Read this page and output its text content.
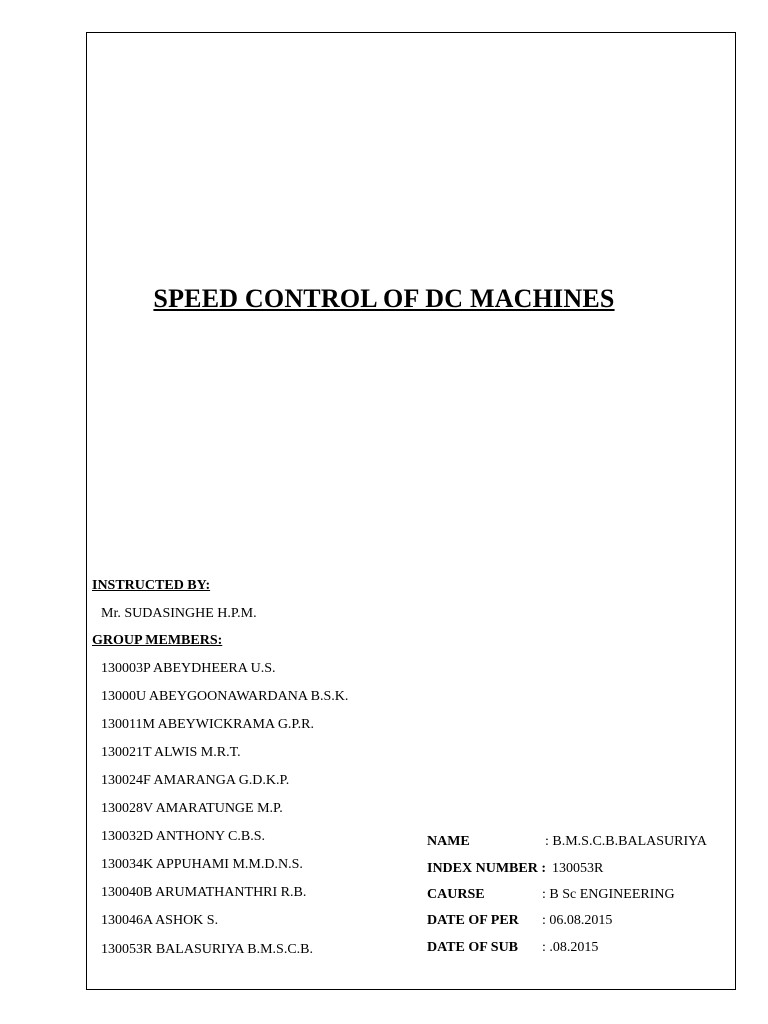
SPEED CONTROL OF DC MACHINES
INSTRUCTED BY:
Mr. SUDASINGHE H.P.M.
GROUP MEMBERS:
130003P ABEYDHEERA U.S.
13000U ABEYGOONAWARDANA B.S.K.
130011M ABEYWICKRAMA G.P.R.
130021T ALWIS M.R.T.
130024F AMARANGA G.D.K.P.
130028V AMARATUNGE M.P.
130032D ANTHONY C.B.S.
130034K APPUHAMI M.M.D.N.S.
130040B ARUMATHANTHRI R.B.
130046A ASHOK S.
130053R BALASURIYA B.M.S.C.B.
NAME	: B.M.S.C.B.BALASURIYA
INDEX NUMBER : 130053R
CAURSE	: B Sc ENGINEERING
DATE OF PER : 06.08.2015
DATE OF SUB : .08.2015
